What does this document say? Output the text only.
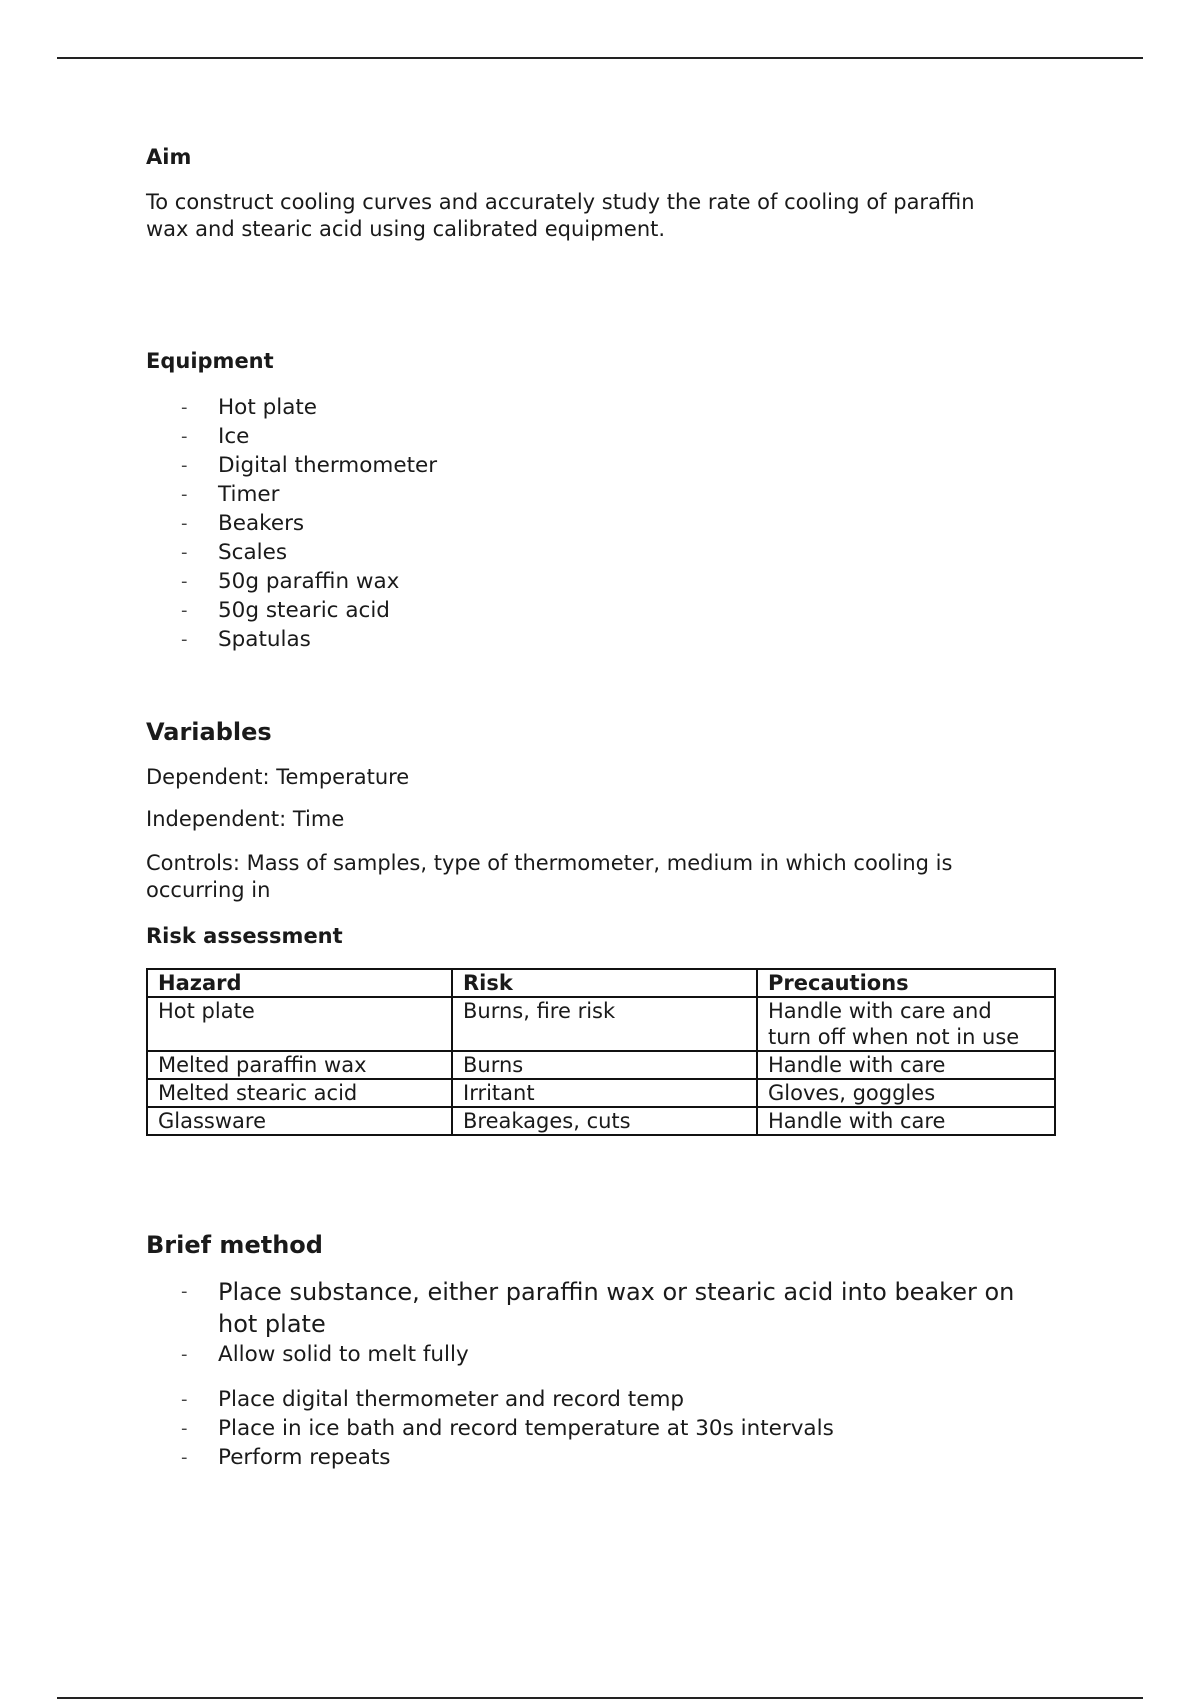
Aim

To construct cooling curves and accurately study the rate of cooling of paraffin

wax and stearic acid using calibrated equipment.

Equipment
- Hot plate
- Ice
- Digital thermometer
- Timer
- Beakers
- Scales
- 50g paraffin wax
- 50g stearic acid
- Spatulas
Variables

Dependent: Temperature

Independent: Time

Controls: Mass of samples, type of thermometer, medium in which cooling is

occurring in

Risk assessment
Hazard	Risk	Precautions
Hot plate	Burns, fire risk	Handle with care and
turn off when not in use

Melted paraffin wax	Burns	Handle with care
Melted stearic acid	Irritant	Gloves, goggles
Glassware	Breakages, cuts	Handle with care
Brief method
- Place substance, either paraffin wax or stearic acid into beaker on
hot plate
- Allow solid to melt fully
- Place digital thermometer and record temp
- Place in ice bath and record temperature at 30s intervals
- Perform repeats
